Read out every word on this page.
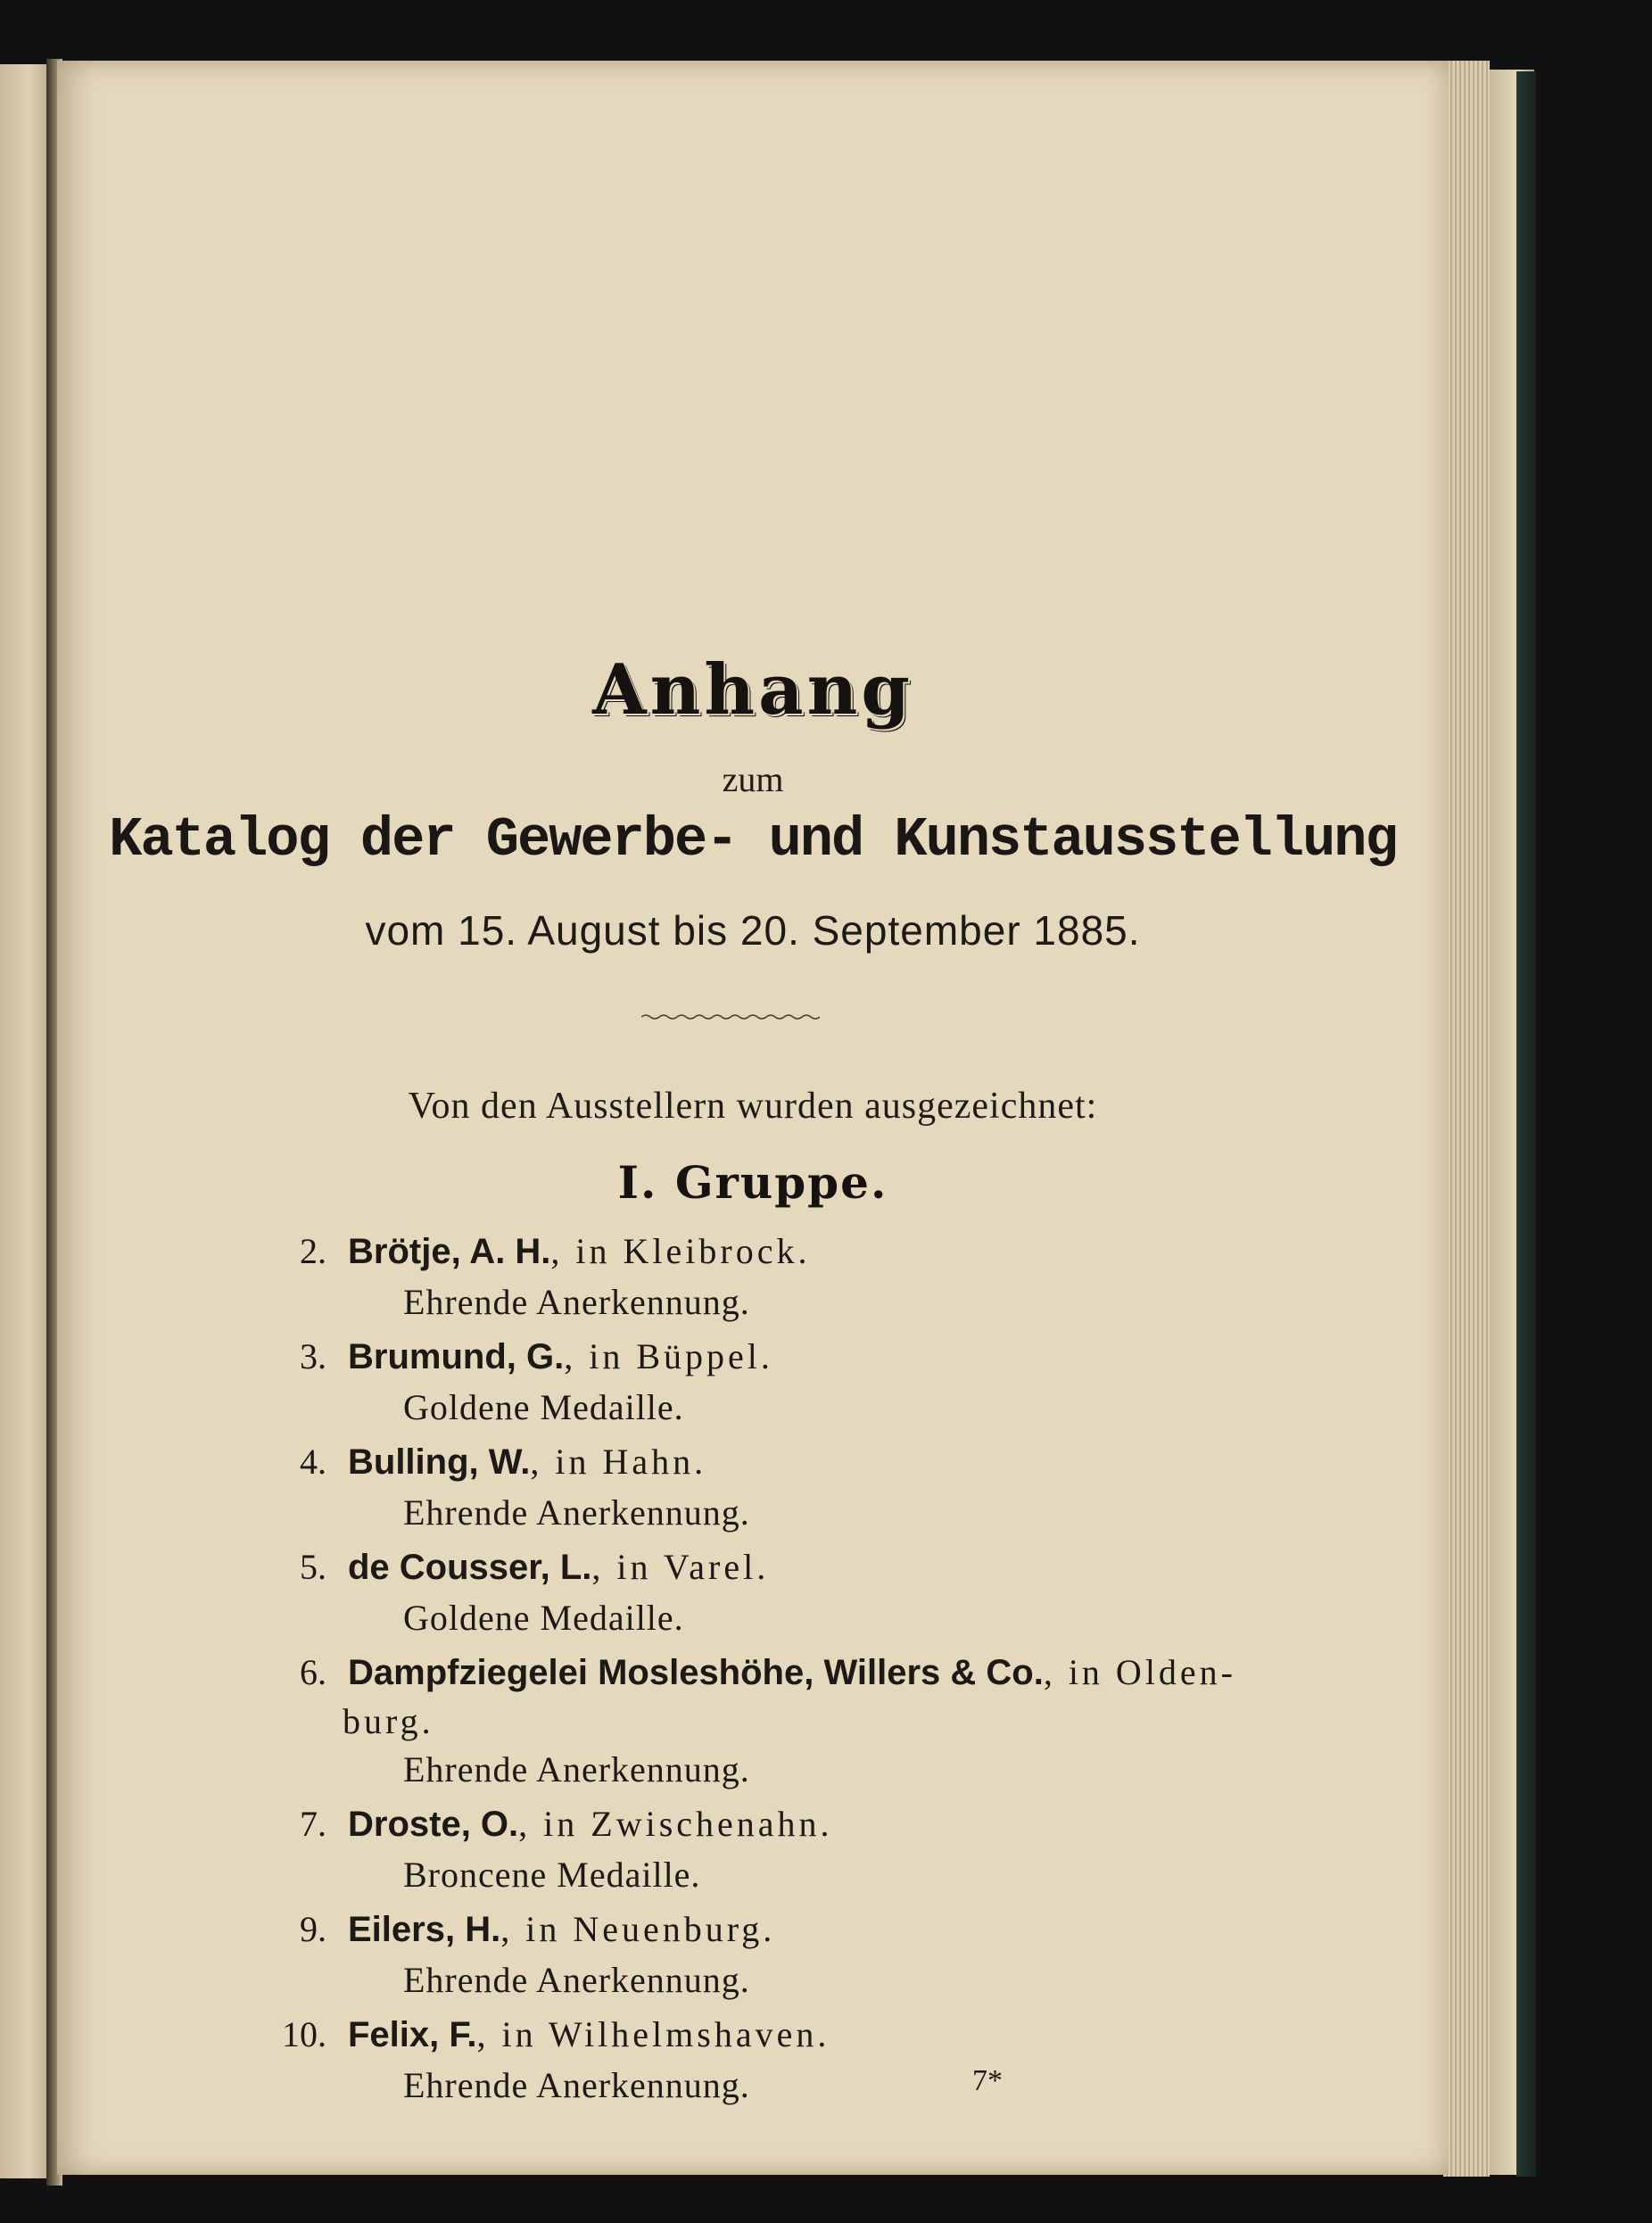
Anhang
zum
Katalog der Gewerbe- und Kunstausstellung
vom 15. August bis 20. September 1885.
Von den Ausstellern wurden ausgezeichnet:
I. Gruppe.
2. Brötje, A. H., in Kleibrock.
Ehrende Anerkennung.
3. Brumund, G., in Büppel.
Goldene Medaille.
4. Bulling, W., in Hahn.
Ehrende Anerkennung.
5. de Cousser, L., in Varel.
Goldene Medaille.
6. Dampfziegelei Mosleshöhe, Willers & Co., in Olden-
burg.
Ehrende Anerkennung.
7. Droste, O., in Zwischenahn.
Broncene Medaille.
9. Eilers, H., in Neuenburg.
Ehrende Anerkennung.
10. Felix, F., in Wilhelmshaven.
Ehrende Anerkennung.	7*
